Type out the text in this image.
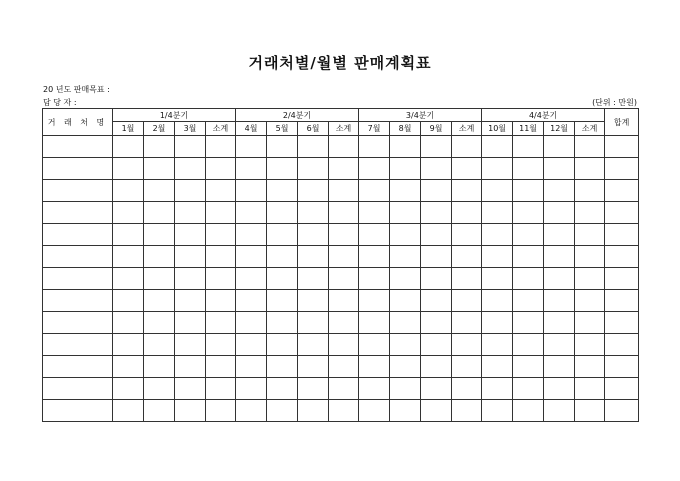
거래처별/월별 판매계획표
20 년도 판매목표 :
담 당 자 :	(단위 : 만원)
거 래 처 명	1/4분기				2/4분기				3/4분기				4/4분기				합계
	1월	2월	3월	소계	4월	5월	6월	소계	7월	8월	9월	소계	10월	11월	12월	소계	
